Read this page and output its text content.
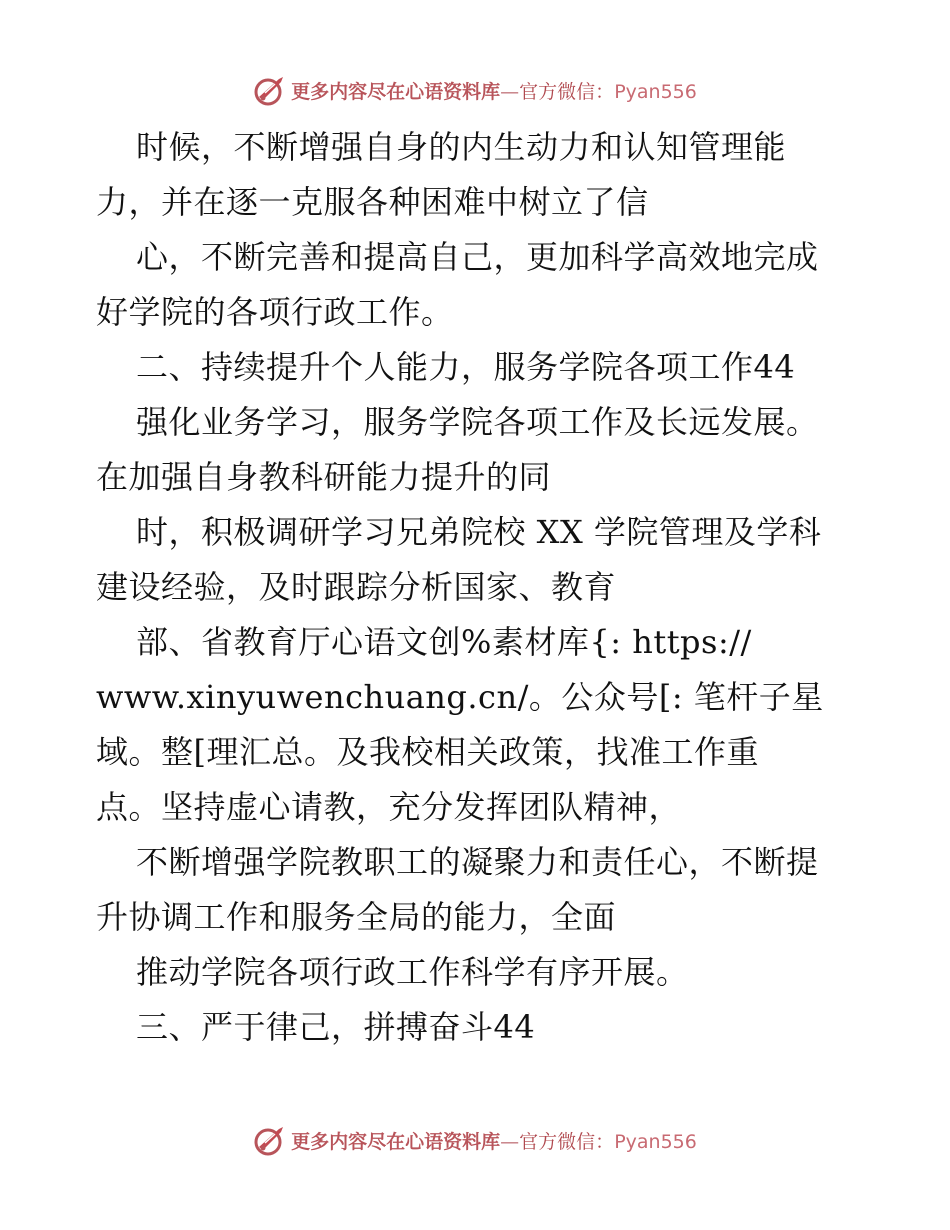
更多内容尽在心语资料库—官方微信：Pyan556
时候，不断增强自身的内生动力和认知管理能
力，并在逐一克服各种困难中树立了信
心，不断完善和提高自己，更加科学高效地完成
好学院的各项行政工作。
二、持续提升个人能力，服务学院各项工作44
强化业务学习，服务学院各项工作及长远发展。
在加强自身教科研能力提升的同
时，积极调研学习兄弟院校 XX 学院管理及学科
建设经验，及时跟踪分析国家、教育
部、省教育厅心语文创%素材库{: https://
www.xinyuwenchuang.cn/。公众号[: 笔杆子星
域。整[理汇总。及我校相关政策，找准工作重
点。坚持虚心请教，充分发挥团队精神，
不断增强学院教职工的凝聚力和责任心，不断提
升协调工作和服务全局的能力，全面
推动学院各项行政工作科学有序开展。
三、严于律己，拼搏奋斗44
更多内容尽在心语资料库—官方微信：Pyan556
